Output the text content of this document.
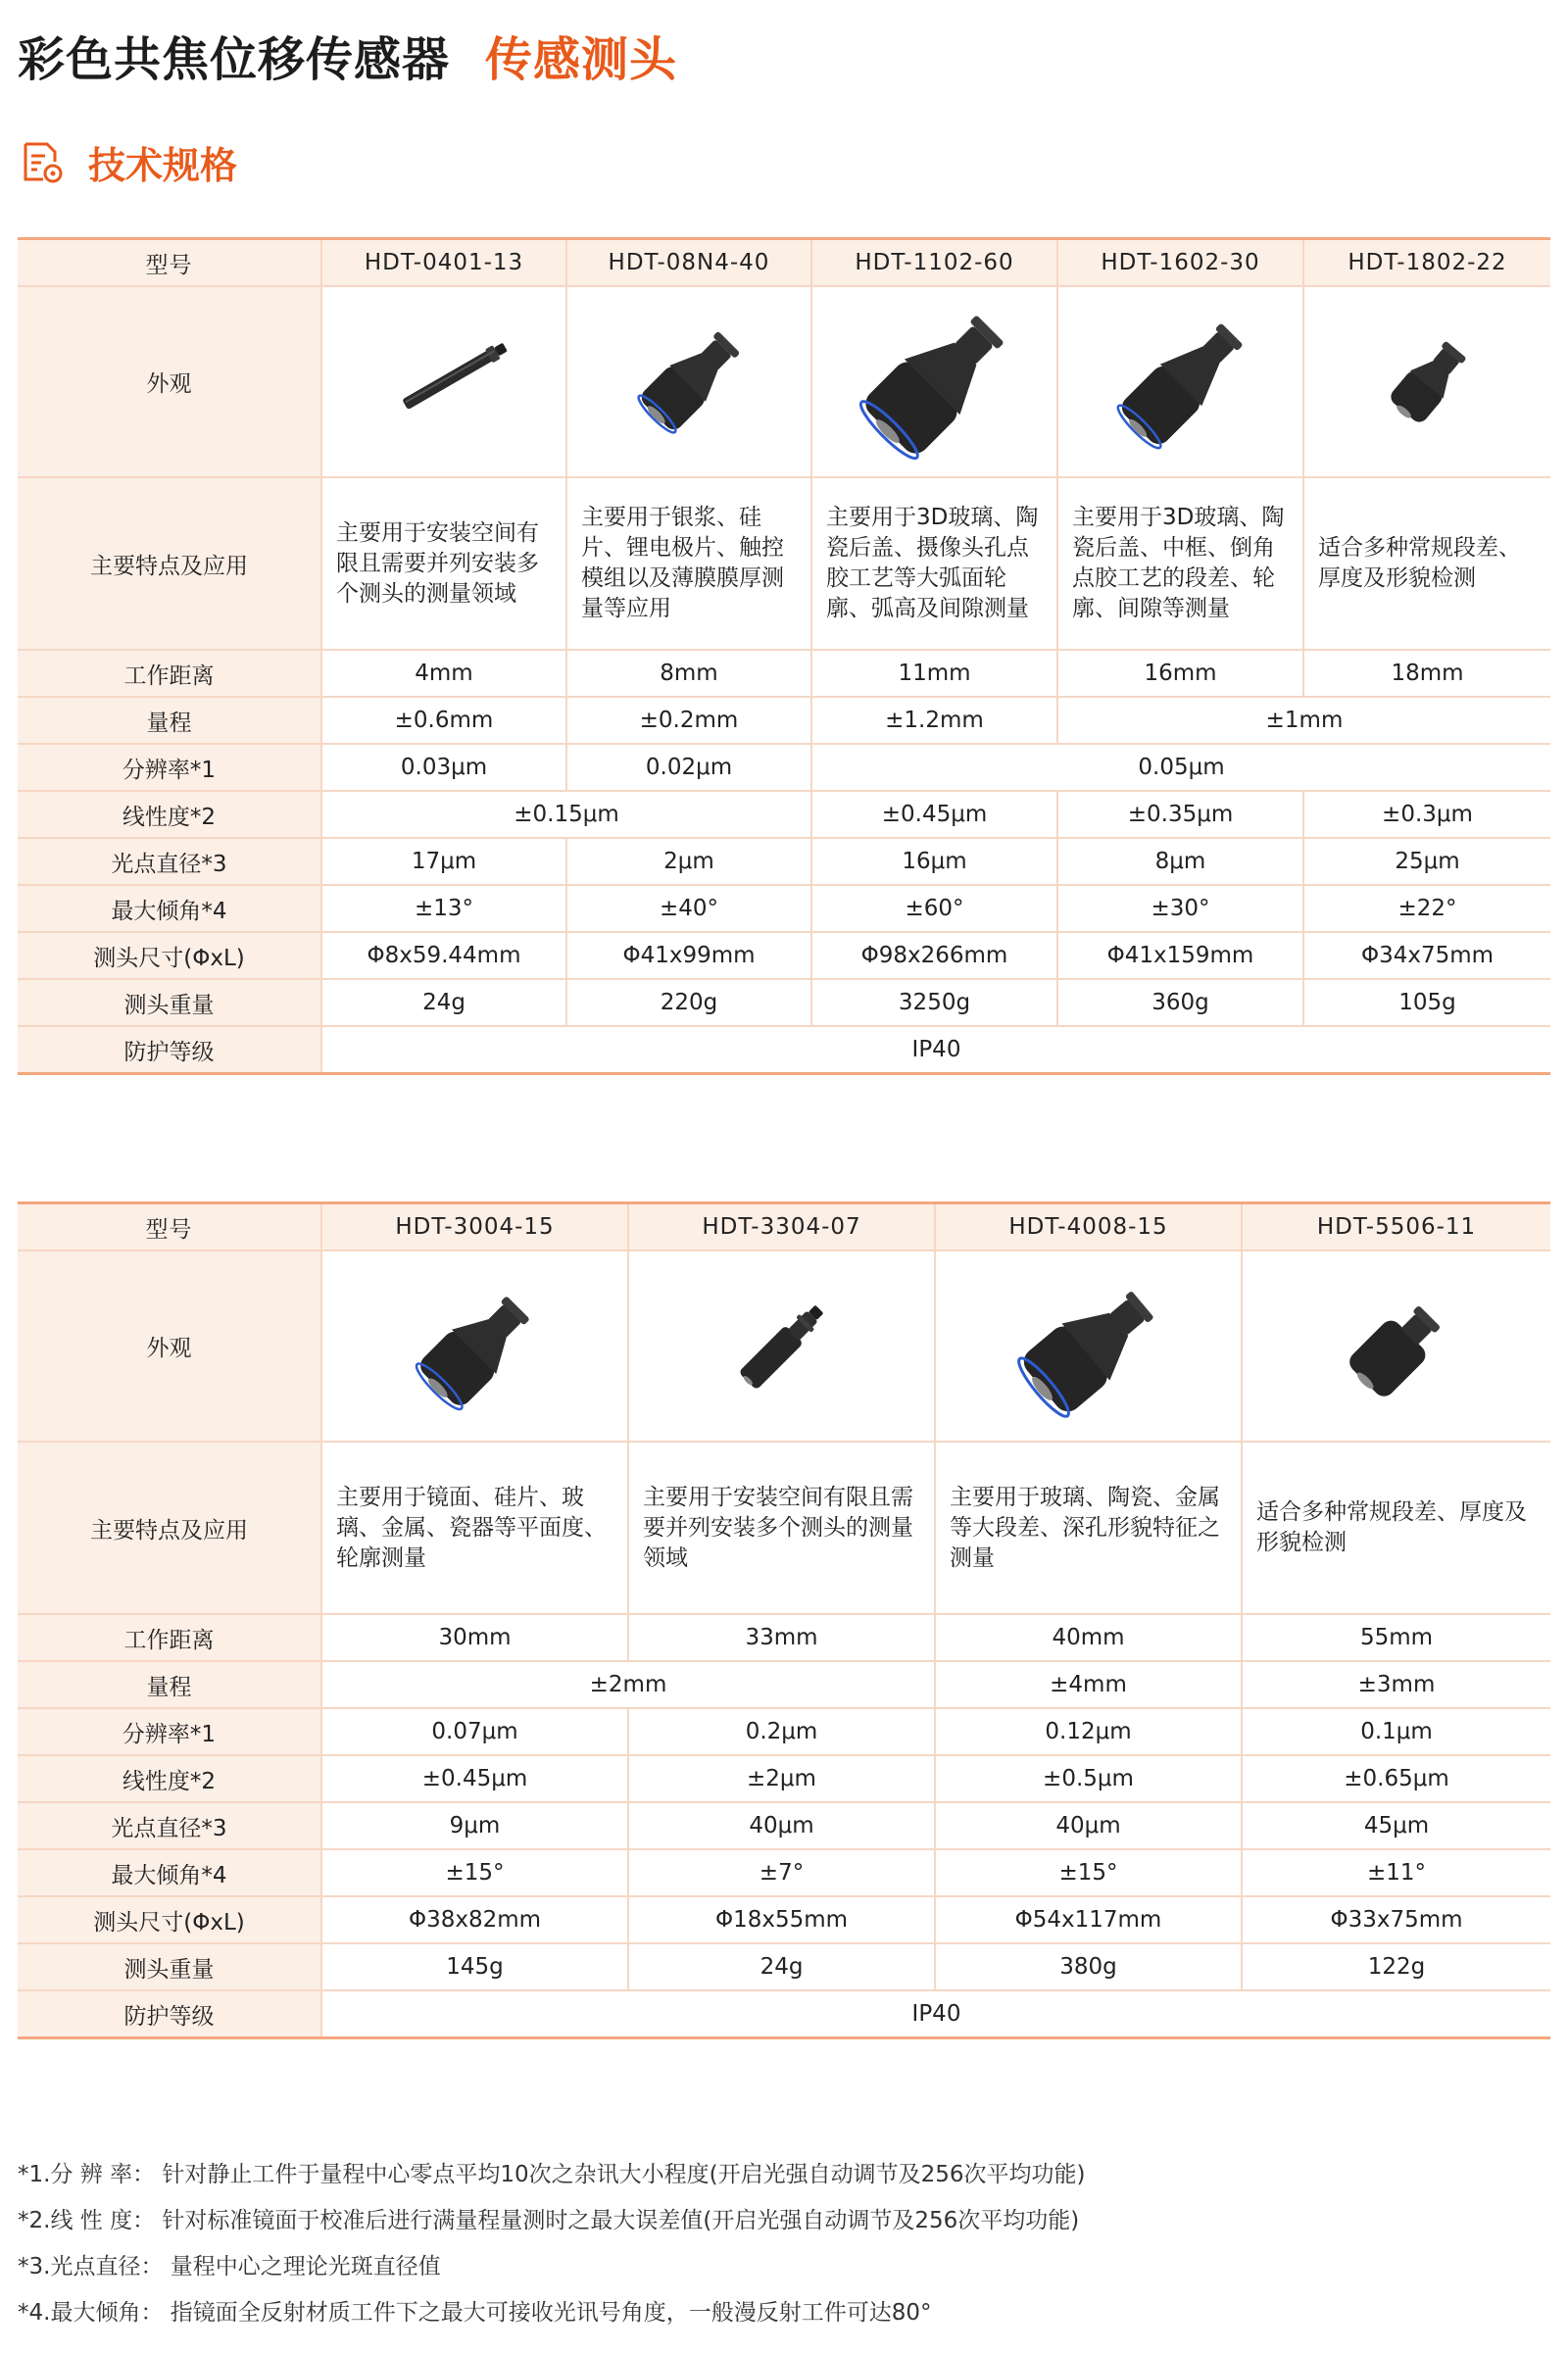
彩色共焦位移传感器 传感测头
技术规格
型号	HDT-0401-13	HDT-08N4-40	HDT-1102-60	HDT-1602-30	HDT-1802-22
外观	

主要特点及应用	主要用于安装空间有限且需要并列安装多个测头的测量领域	主要用于银浆、硅片、锂电极片、触控模组以及薄膜膜厚测量等应用	主要用于3D玻璃、陶瓷后盖、摄像头孔点胶工艺等大弧面轮廓、弧高及间隙测量	主要用于3D玻璃、陶瓷后盖、中框、倒角点胶工艺的段差、轮廓、间隙等测量	适合多种常规段差、厚度及形貌检测
工作距离	4mm	8mm	11mm	16mm	18mm
量程	±0.6mm	±0.2mm	±1.2mm	±1mm	
分辨率*1	0.03μm	0.02μm	0.05μm		
线性度*2	±0.15μm		±0.45μm	±0.35μm	±0.3μm
光点直径*3	17μm	2μm	16μm	8μm	25μm
最大倾角*4	±13°	±40°	±60°	±30°	±22°
测头尺寸(ΦxL)	Φ8x59.44mm	Φ41x99mm	Φ98x266mm	Φ41x159mm	Φ34x75mm
测头重量	24g	220g	3250g	360g	105g
防护等级	IP40				
型号	HDT-3004-15	HDT-3304-07	HDT-4008-15	HDT-5506-11
外观	

主要特点及应用	主要用于镜面、硅片、玻璃、金属、瓷器等平面度、轮廓测量	主要用于安装空间有限且需要并列安装多个测头的测量领域	主要用于玻璃、陶瓷、金属等大段差、深孔形貌特征之测量	适合多种常规段差、厚度及形貌检测
工作距离	30mm	33mm	40mm	55mm
量程	±2mm		±4mm	±3mm
分辨率*1	0.07μm	0.2μm	0.12μm	0.1μm
线性度*2	±0.45μm	±2μm	±0.5μm	±0.65μm
光点直径*3	9μm	40μm	40μm	45μm
最大倾角*4	±15°	±7°	±15°	±11°
测头尺寸(ΦxL)	Φ38x82mm	Φ18x55mm	Φ54x117mm	Φ33x75mm
测头重量	145g	24g	380g	122g
防护等级	IP40			
*1.分 辨 率： 针对静止工件于量程中心零点平均10次之杂讯大小程度(开启光强自动调节及256次平均功能)
*2.线 性 度： 针对标准镜面于校准后进行满量程量测时之最大误差值(开启光强自动调节及256次平均功能)
*3.光点直径： 量程中心之理论光斑直径值
*4.最大倾角： 指镜面全反射材质工件下之最大可接收光讯号角度，一般漫反射工件可达80°
